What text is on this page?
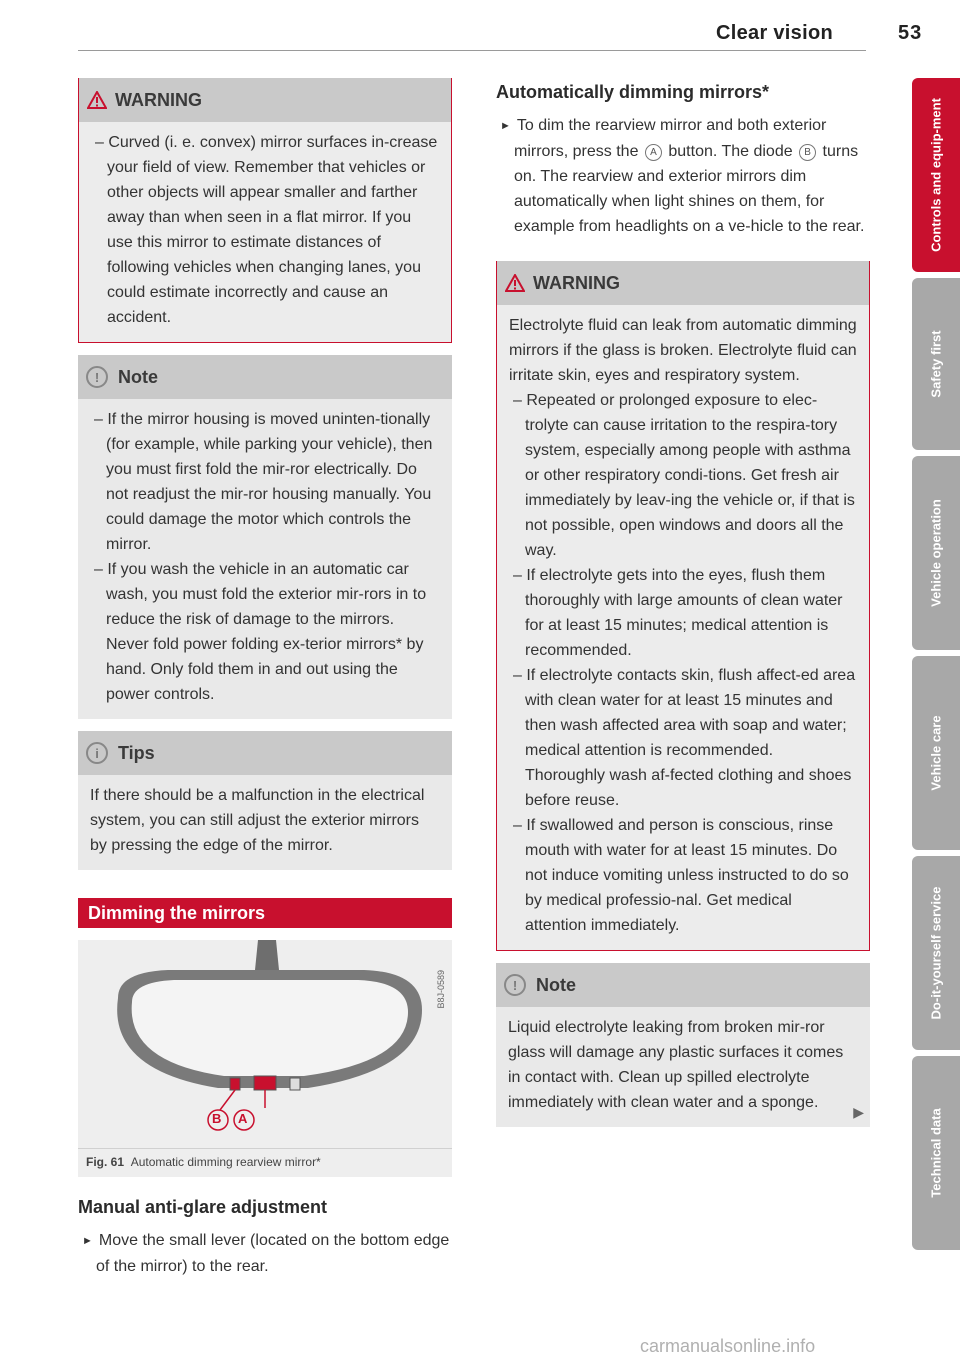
Clear vision	53
WARNING

– Curved (i. e. convex) mirror surfaces in-crease your field of view. Remember that vehicles or other objects will appear smaller and farther away than when seen in a flat mirror. If you use this mirror to estimate distances of following vehicles when changing lanes, you could estimate incorrectly and cause an accident.

!	Note

– If the mirror housing is moved uninten-tionally (for example, while parking your vehicle), then you must first fold the mir-ror electrically. Do not readjust the mir-ror housing manually. You could damage the motor which controls the mirror.

– If you wash the vehicle in an automatic car wash, you must fold the exterior mir-rors in to reduce the risk of damage to the mirrors. Never fold power folding ex-terior mirrors* by hand. Only fold them in and out using the power controls.

i	Tips

If there should be a malfunction in the electrical system, you can still adjust the exterior mirrors by pressing the edge of the mirror.

Dimming the mirrors
B A
B8J-0589
Fig. 61 Automatic dimming rearview mirror*
Manual anti-glare adjustment

► Move the small lever (located on the bottom edge of the mirror) to the rear.

Automatically dimming mirrors*

► To dim the rearview mirror and both exterior mirrors, press the A button. The diode B turns on. The rearview and exterior mirrors dim automatically when light shines on them, for example from headlights on a ve-hicle to the rear.

WARNING

Electrolyte fluid can leak from automatic dimming mirrors if the glass is broken. Electrolyte fluid can irritate skin, eyes and respiratory system.

– Repeated or prolonged exposure to elec-trolyte can cause irritation to the respira-tory system, especially among people with asthma or other respiratory condi-tions. Get fresh air immediately by leav-ing the vehicle or, if that is not possible, open windows and doors all the way.

– If electrolyte gets into the eyes, flush them thoroughly with large amounts of clean water for at least 15 minutes; medical attention is recommended.

– If electrolyte contacts skin, flush affect-ed area with clean water for at least 15 minutes and then wash affected area with soap and water; medical attention is recommended. Thoroughly wash af-fected clothing and shoes before reuse.

– If swallowed and person is conscious, rinse mouth with water for at least 15 minutes. Do not induce vomiting unless instructed to do so by medical professio-nal. Get medical attention immediately.

!	Note

Liquid electrolyte leaking from broken mir-ror glass will damage any plastic surfaces it comes in contact with. Clean up spilled electrolyte immediately with clean water and a sponge.

▶
Controls and equip-ment
Safety first
Vehicle operation
Vehicle care
Do-it-yourself service
Technical data
carmanualsonline.info
